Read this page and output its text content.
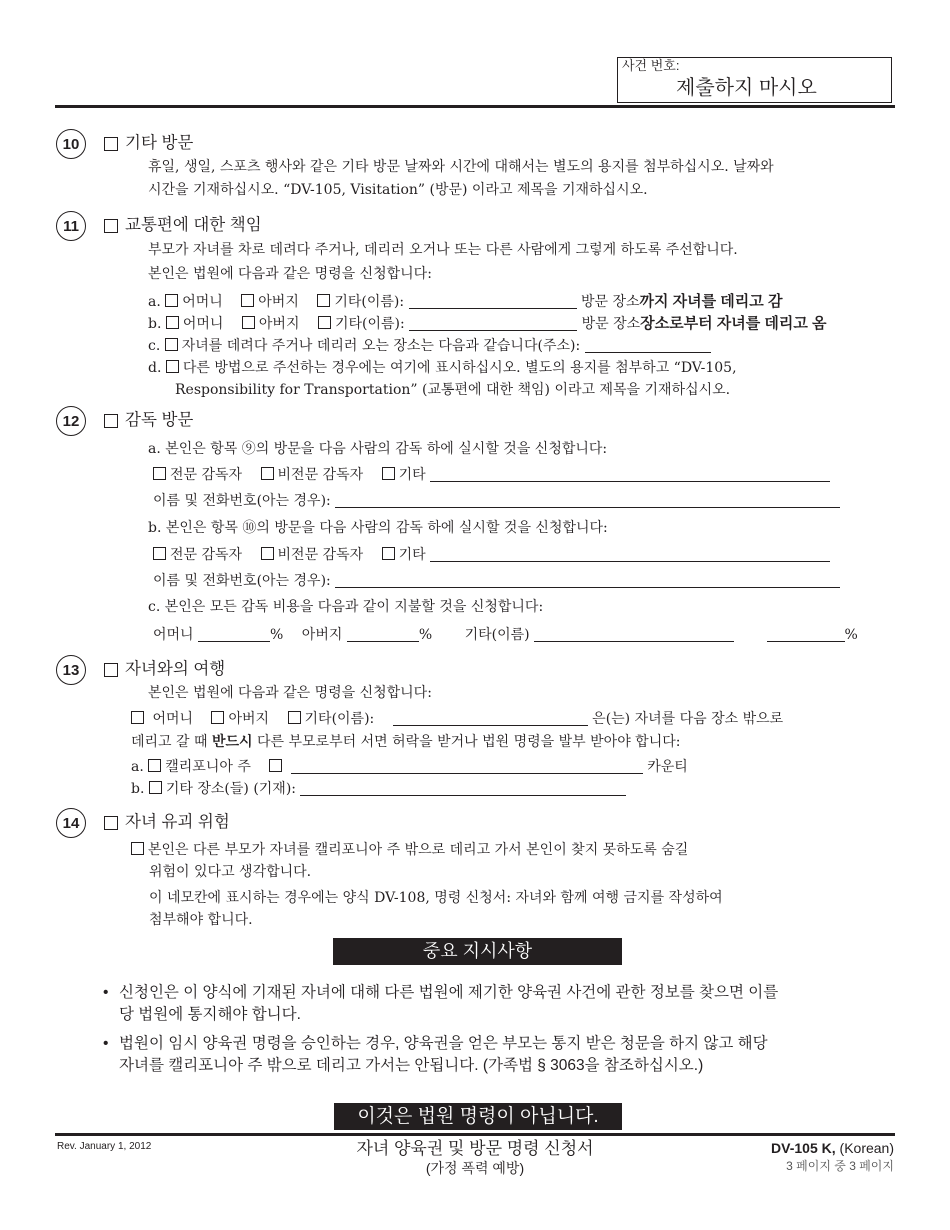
사건 번호:
제출하지 마시오
10	기타 방문
휴일, 생일, 스포츠 행사와 같은 기타 방문 날짜와 시간에 대해서는 별도의 용지를 첨부하십시오. 날짜와
시간을 기재하십시오. “DV-105, Visitation” (방문) 이라고 제목을 기재하십시오.
11	교통편에 대한 책임
부모가 자녀를 차로 데려다 주거나, 데리러 오거나 또는 다른 사람에게 그렇게 하도록 주선합니다.
본인은 법원에 다음과 같은 명령을 신청합니다:
a. 어머니	아버지	기타(이름):	방문 장소까지 자녀를 데리고 감
b. 어머니	아버지	기타(이름):	방문 장소장소로부터 자녀를 데리고 옴
c. 자녀를 데려다 주거나 데리러 오는 장소는 다음과 같습니다(주소):
d. 다른 방법으로 주선하는 경우에는 여기에 표시하십시오. 별도의 용지를 첨부하고 “DV-105,
Responsibility for Transportation” (교통편에 대한 책임) 이라고 제목을 기재하십시오.
12	감독 방문
a. 본인은 항목 ⑨의 방문을 다음 사람의 감독 하에 실시할 것을 신청합니다:
전문 감독자	비전문 감독자	기타
이름 및 전화번호(아는 경우):
b. 본인은 항목 ⑩의 방문을 다음 사람의 감독 하에 실시할 것을 신청합니다:
전문 감독자	비전문 감독자	기타
이름 및 전화번호(아는 경우):
c. 본인은 모든 감독 비용을 다음과 같이 지불할 것을 신청합니다:
어머니	% 아버지	% 기타(이름)	%
13	자녀와의 여행
본인은 법원에 다음과 같은 명령을 신청합니다:
어머니	아버지	기타(이름):	은(는) 자녀를 다음 장소 밖으로
데리고 갈 때 반드시 다른 부모로부터 서면 허락을 받거나 법원 명령을 발부 받아야 합니다:
a. 캘리포니아 주	카운티
b. 기타 장소(들) (기재):
14	자녀 유괴 위험
본인은 다른 부모가 자녀를 캘리포니아 주 밖으로 데리고 가서 본인이 찾지 못하도록 숨길
위험이 있다고 생각합니다.
이 네모칸에 표시하는 경우에는 양식 DV-108, 명령 신청서: 자녀와 함께 여행 금지를 작성하여
첨부해야 합니다.
중요 지시사항
• 신청인은 이 양식에 기재된 자녀에 대해 다른 법원에 제기한 양육권 사건에 관한 정보를 찾으면 이를
당 법원에 통지해야 합니다.
• 법원이 임시 양육권 명령을 승인하는 경우, 양육권을 얻은 부모는 통지 받은 청문을 하지 않고 해당
자녀를 캘리포니아 주 밖으로 데리고 가서는 안됩니다. (가족법 § 3063을 참조하십시오.)
이것은 법원 명령이 아닙니다.
Rev. January 1, 2012	자녀 양육권 및 방문 명령 신청서
(가정 폭력 예방)
DV-105 K, (Korean)
3 페이지 중 3 페이지
